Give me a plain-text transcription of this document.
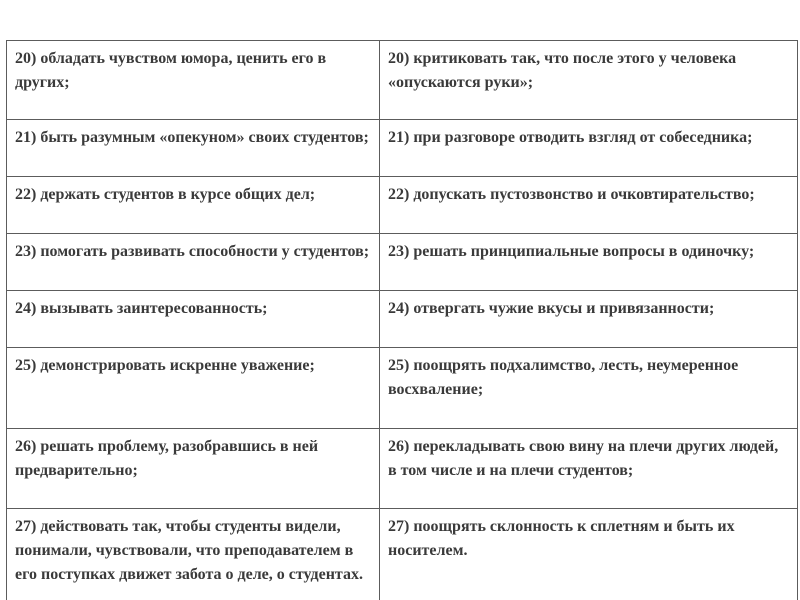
20) обладать чувством юмора, ценить его в других;	20) критиковать так, что после этого у человека «опускаются руки»;

21) быть разумным «опекуном» своих студентов;	21) при разговоре отводить взгляд от собеседника;

22) держать студентов в курсе общих дел;	22) допускать пустозвонство и очковтирательство;

23) помогать развивать способности у студентов;	23) решать принципиальные вопросы в одиночку;

24) вызывать заинтересованность;	24) отвергать чужие вкусы и привязанности;

25) демонстрировать искренне уважение;	25) поощрять подхалимство, лесть, неумеренное восхваление;

26) решать проблему, разобравшись в ней предварительно;	26) перекладывать свою вину на плечи других людей, в том числе и на плечи студентов;

27) действовать так, чтобы студенты видели, понимали, чувствовали, что преподавателем в его поступках движет забота о деле, о студентах.	27) поощрять склонность к сплетням и быть их носителем.
